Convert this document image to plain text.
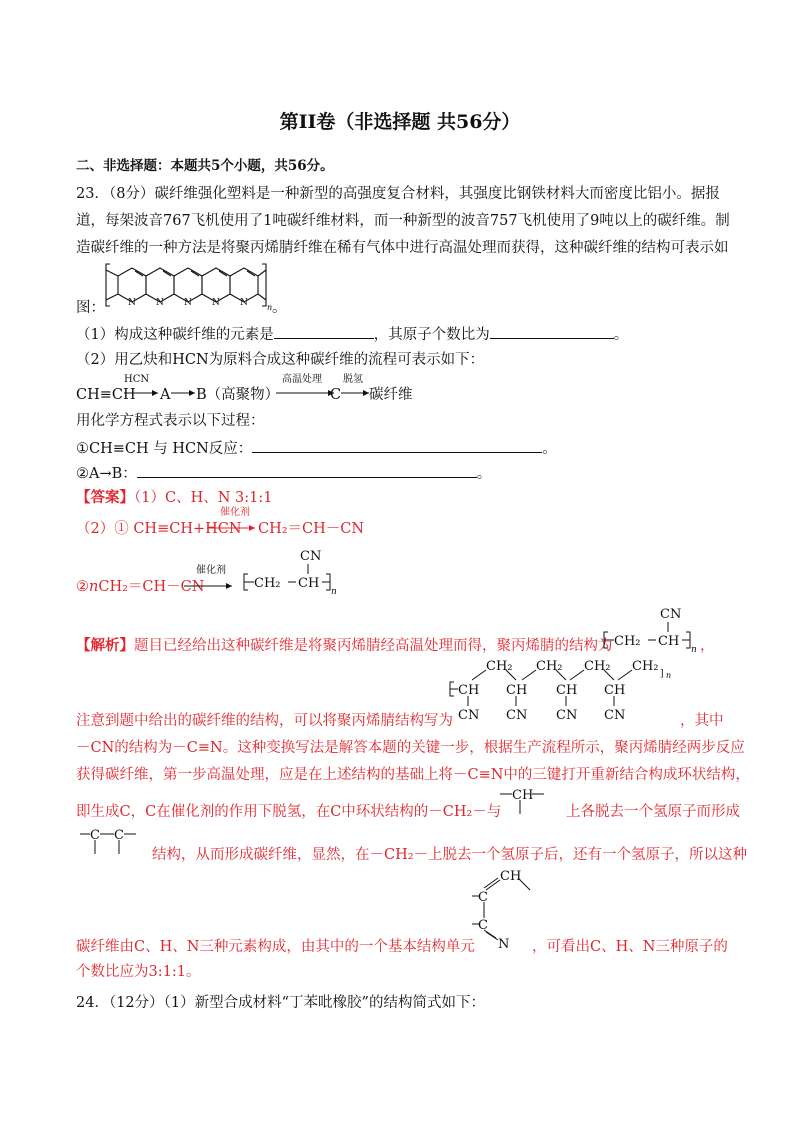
第II卷（非选择题 共56分）
二、非选择题：本题共5个小题，共56分。
23．（8分）碳纤维强化塑料是一种新型的高强度复合材料，其强度比钢铁材料大而密度比铝小。据报
道，每架波音767飞机使用了1吨碳纤维材料，而一种新型的波音757飞机使用了9吨以上的碳纤维。制
造碳纤维的一种方法是将聚丙烯腈纤维在稀有气体中进行高温处理而获得，这种碳纤维的结构可表示如
图：	N N N N N n 。
（1）构成这种碳纤维的元素是	，其原子个数比为	。
（2）用乙炔和HCN为原料合成这种碳纤维的流程可表示如下：
CH≡CH
HCN
A B（高聚物）
高温处理
C
脱氢
碳纤维
用化学方程式表示以下过程：
①CH≡CH 与 HCN反应：	。
②A→B：	。
【答案】（1）C、H、N 3:1:1
（2）① CH≡CH+HCN
催化剂
CH₂＝CH－CN
②nCH₂＝CH－CN
催化剂
CH₂ CH
CN
n
【解析】题目已经给出这种碳纤维是将聚丙烯腈经高温处理而得，聚丙烯腈的结构为 CH₂ CH
CN
n ，
CH CH CH CH
CH₂ CH₂ CH₂ CH₂ ] n
CN CN CN CN
注意到题中给出的碳纤维的结构，可以将聚丙烯腈结构写为	，其中
－CN的结构为－C≡N。这种变换写法是解答本题的关键一步，根据生产流程所示，聚丙烯腈经两步反应
获得碳纤维，第一步高温处理，应是在上述结构的基础上将－C≡N中的三键打开重新结合构成环状结构，
即生成C，C在催化剂的作用下脱氢，在C中环状结构的－CH₂－与
CH
上各脱去一个氢原子而形成
C C
结构，从而形成碳纤维，显然，在－CH₂－上脱去一个氢原子后，还有一个氢原子，所以这种
C
C
CH
N
碳纤维由C、H、N三种元素构成，由其中的一个基本结构单元	，可看出C、H、N三种原子的
个数比应为3:1:1。
24．（12分）（1）新型合成材料“丁苯吡橡胶”的结构简式如下：
